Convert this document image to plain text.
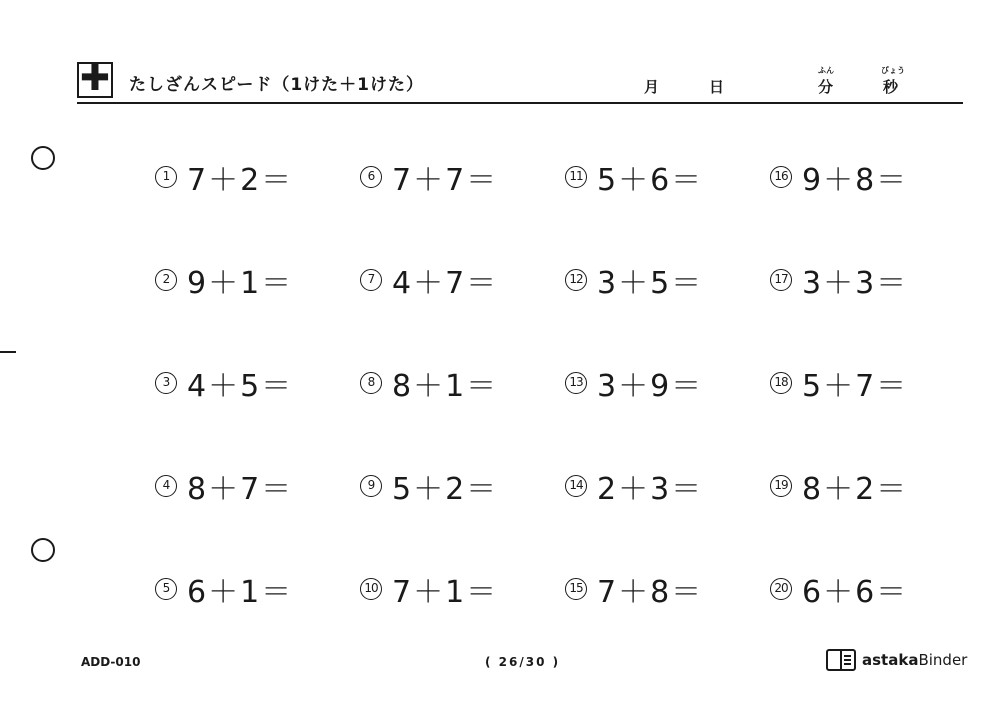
✚ たしざんスピード（1けた＋1けた）	月	日
ふん
分
びょう
秒
1 7＋2＝
2 9＋1＝
3 4＋5＝
4 8＋7＝
5 6＋1＝
6 7＋7＝
7 4＋7＝
8 8＋1＝
9 5＋2＝
10 7＋1＝
11 5＋6＝
12 3＋5＝
13 3＋9＝
14 2＋3＝
15 7＋8＝
16 9＋8＝
17 3＋3＝
18 5＋7＝
19 8＋2＝
20 6＋6＝
ADD-010	( 26/30 )	astakaBinder
